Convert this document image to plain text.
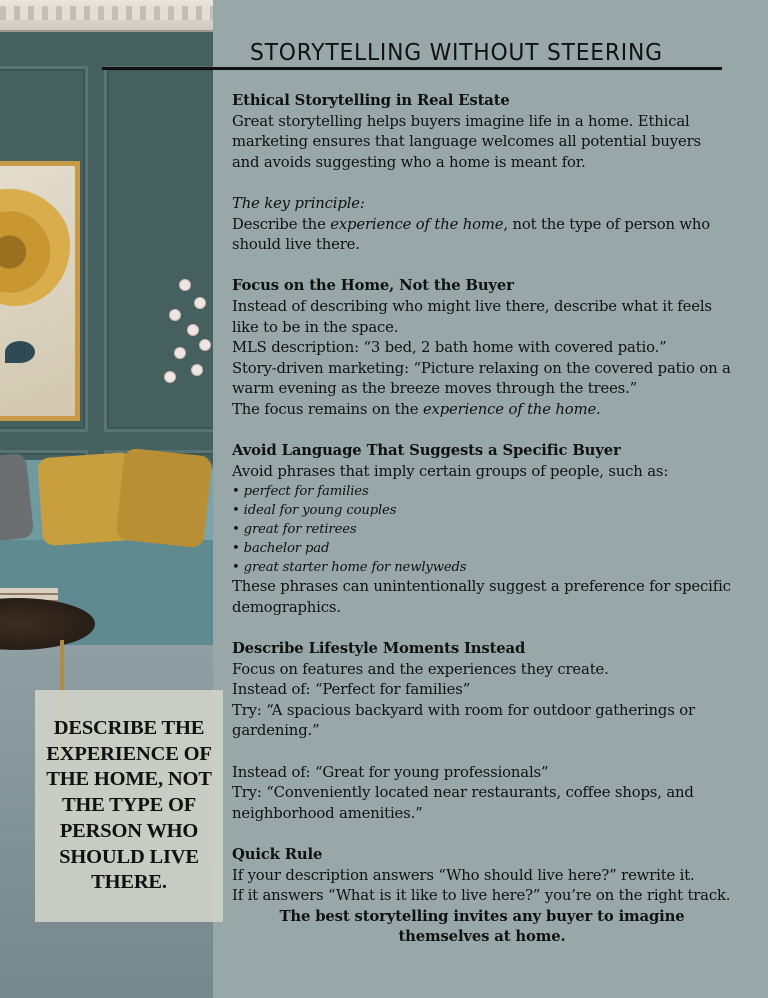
DESCRIBE THE EXPERIENCE OF THE HOME, NOT THE TYPE OF PERSON WHO SHOULD LIVE THERE.
STORYTELLING WITHOUT STEERING
Ethical Storytelling in Real Estate

Great storytelling helps buyers imagine life in a home. Ethical marketing ensures that language welcomes all potential buyers and avoids suggesting who a home is meant for.

The key principle:

Describe the experience of the home, not the type of person who should live there.

Focus on the Home, Not the Buyer

Instead of describing who might live there, describe what it feels like to be in the space.

MLS description: “3 bed, 2 bath home with covered patio.”

Story-driven marketing: “Picture relaxing on the covered patio on a warm evening as the breeze moves through the trees.”

The focus remains on the experience of the home.

Avoid Language That Suggests a Specific Buyer

Avoid phrases that imply certain groups of people, such as:

• perfect for families
• ideal for young couples
• great for retirees
• bachelor pad
• great starter home for newlyweds

These phrases can unintentionally suggest a preference for specific demographics.

Describe Lifestyle Moments Instead

Focus on features and the experiences they create.

Instead of: “Perfect for families”

Try: “A spacious backyard with room for outdoor gatherings or gardening.”

Instead of: “Great for young professionals”

Try: “Conveniently located near restaurants, coffee shops, and neighborhood amenities.”

Quick Rule

If your description answers “Who should live here?” rewrite it.

If it answers “What is it like to live here?” you’re on the right track.

The best storytelling invites any buyer to imagine themselves at home.
